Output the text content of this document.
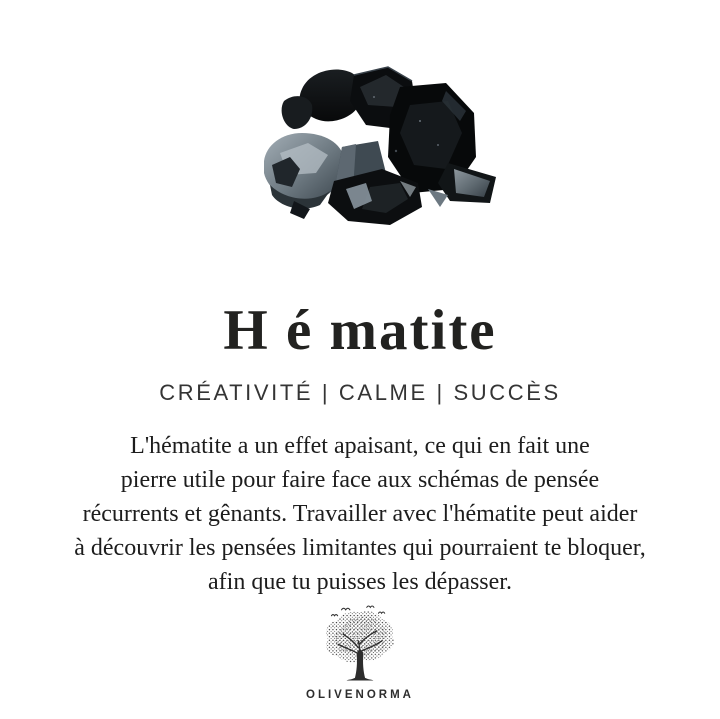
H é matite
CRÉATIVITÉ | CALME | SUCCÈS
L'hématite a un effet apaisant, ce qui en fait une
pierre utile pour faire face aux schémas de pensée
récurrents et gênants. Travailler avec l'hématite peut aider
à découvrir les pensées limitantes qui pourraient te bloquer,
afin que tu puisses les dépasser.
OLIVENORMA
